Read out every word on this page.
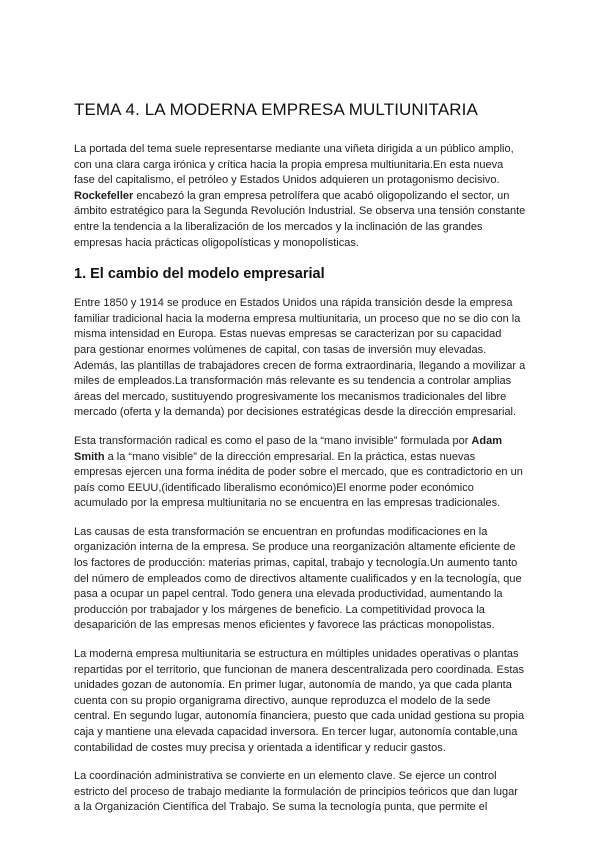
TEMA 4. LA MODERNA EMPRESA MULTIUNITARIA

La portada del tema suele representarse mediante una viñeta dirigida a un público amplio, con una clara carga irónica y crítica hacia la propia empresa multiunitaria.En esta nueva fase del capitalismo, el petróleo y Estados Unidos adquieren un protagonismo decisivo. Rockefeller encabezó la gran empresa petrolífera que acabó oligopolizando el sector, un ámbito estratégico para la Segunda Revolución Industrial. Se observa una tensión constante entre la tendencia a la liberalización de los mercados y la inclinación de las grandes empresas hacia prácticas oligopolísticas y monopolísticas.

1. El cambio del modelo empresarial

Entre 1850 y 1914 se produce en Estados Unidos una rápida transición desde la empresa familiar tradicional hacia la moderna empresa multiunitaria, un proceso que no se dio con la misma intensidad en Europa. Estas nuevas empresas se caracterizan por su capacidad para gestionar enormes volúmenes de capital, con tasas de inversión muy elevadas. Además, las plantillas de trabajadores crecen de forma extraordinaria, llegando a movilizar a miles de empleados.La transformación más relevante es su tendencia a controlar amplias áreas del mercado, sustituyendo progresivamente los mecanismos tradicionales del libre mercado (oferta y la demanda) por decisiones estratégicas desde la dirección empresarial.

Esta transformación radical es como el paso de la “mano invisible” formulada por Adam Smith a la “mano visible” de la dirección empresarial. En la práctica, estas nuevas empresas ejercen una forma inédita de poder sobre el mercado, que es contradictorio en un país como EEUU,(identificado liberalismo económico)El enorme poder económico acumulado por la empresa multiunitaria no se encuentra en las empresas tradicionales.

Las causas de esta transformación se encuentran en profundas modificaciones en la organización interna de la empresa. Se produce una reorganización altamente eficiente de los factores de producción: materias primas, capital, trabajo y tecnología.Un aumento tanto del número de empleados como de directivos altamente cualificados y en la tecnología, que pasa a ocupar un papel central. Todo genera una elevada productividad, aumentando la producción por trabajador y los márgenes de beneficio. La competitividad provoca la desaparición de las empresas menos eficientes y favorece las prácticas monopolistas.

La moderna empresa multiunitaria se estructura en múltiples unidades operativas o plantas repartidas por el territorio, que funcionan de manera descentralizada pero coordinada. Estas unidades gozan de autonomía. En primer lugar, autonomía de mando, ya que cada planta cuenta con su propio organigrama directivo, aunque reproduzca el modelo de la sede central. En segundo lugar, autonomía financiera, puesto que cada unidad gestiona su propia caja y mantiene una elevada capacidad inversora. En tercer lugar, autonomía contable,una contabilidad de costes muy precisa y orientada a identificar y reducir gastos.

La coordinación administrativa se convierte en un elemento clave. Se ejerce un control estricto del proceso de trabajo mediante la formulación de principios teóricos que dan lugar a la Organización Científica del Trabajo. Se suma la tecnología punta, que permite el
